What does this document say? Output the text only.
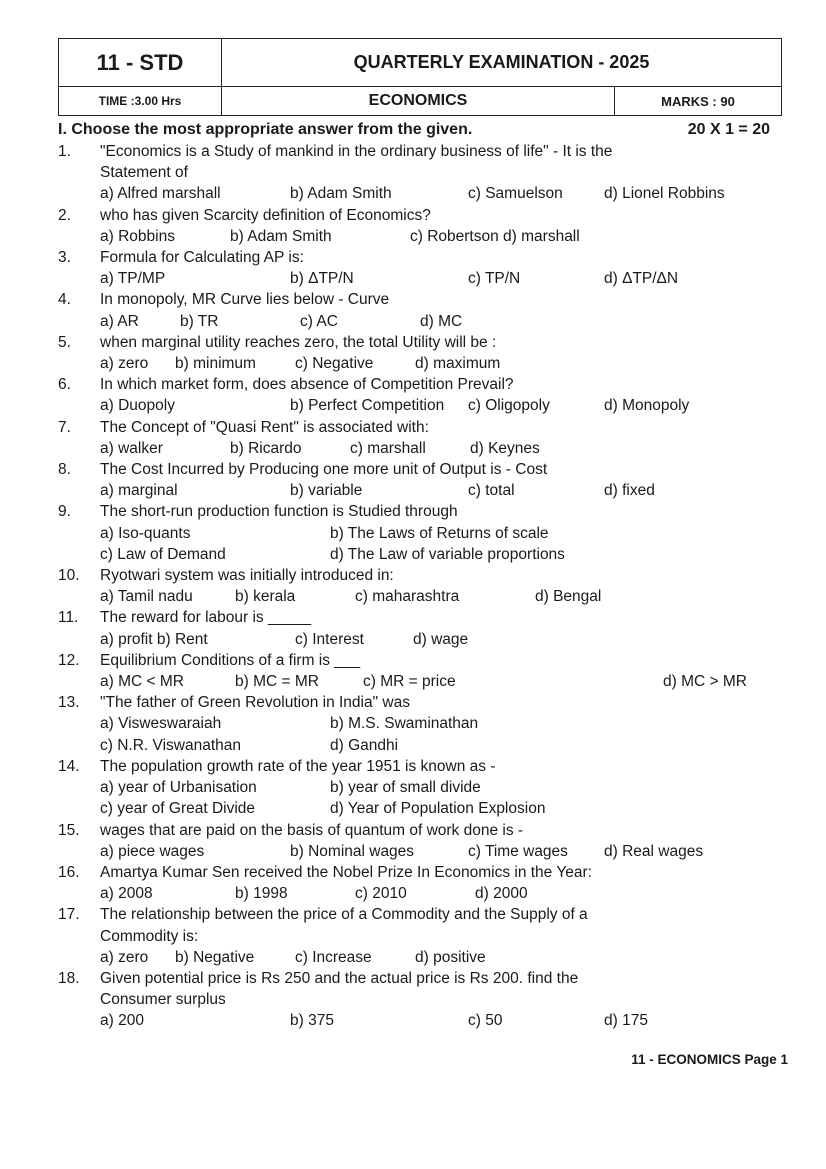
11 - STD	QUARTERLY EXAMINATION - 2025
TIME :3.00 Hrs	ECONOMICS	MARKS : 90
I. Choose the most appropriate answer from the given.	20 X 1 = 20
1.	"Economics is a Study of mankind in the ordinary business of life" - It is the
Statement of
a) Alfred marshall	b) Adam Smith	c) Samuelson	d) Lionel Robbins
2.	who has given Scarcity definition of Economics?
a) Robbins	b) Adam Smith	c) Robertson d) marshall
3.	Formula for Calculating AP is:
a) TP/MP	b) ΔTP/N	c) TP/N	d) ΔTP/ΔN
4.	In monopoly, MR Curve lies below - Curve
a) AR	b) TR	c) AC	d) MC
5.	when marginal utility reaches zero, the total Utility will be :
a) zero	b) minimum	c) Negative	d) maximum
6.	In which market form, does absence of Competition Prevail?
a) Duopoly	b) Perfect Competition	c) Oligopoly	d) Monopoly
7.	The Concept of "Quasi Rent" is associated with:
a) walker	b) Ricardo	c) marshall	d) Keynes
8.	The Cost Incurred by Producing one more unit of Output is - Cost
a) marginal	b) variable	c) total	d) fixed
9.	The short-run production function is Studied through
a) Iso-quants	b) The Laws of Returns of scale
c) Law of Demand	d) The Law of variable proportions
10.	Ryotwari system was initially introduced in:
a) Tamil nadu	b) kerala	c) maharashtra	d) Bengal
11.	The reward for labour is _____
a) profit b) Rent	c) Interest	d) wage
12.	Equilibrium Conditions of a firm is ___
a) MC < MR	b) MC = MR	c) MR = price	d) MC > MR
13.	"The father of Green Revolution in India" was
a) Visweswaraiah	b) M.S. Swaminathan
c) N.R. Viswanathan	d) Gandhi
14.	The population growth rate of the year 1951 is known as -
a) year of Urbanisation	b) year of small divide
c) year of Great Divide	d) Year of Population Explosion
15.	wages that are paid on the basis of quantum of work done is -
a) piece wages	b) Nominal wages	c) Time wages	d) Real wages
16.	Amartya Kumar Sen received the Nobel Prize In Economics in the Year:
a) 2008	b) 1998	c) 2010	d) 2000
17.	The relationship between the price of a Commodity and the Supply of a
Commodity is:
a) zero	b) Negative	c) Increase	d) positive
18.	Given potential price is Rs 250 and the actual price is Rs 200. find the
Consumer surplus
a) 200	b) 375	c) 50	d) 175
11 - ECONOMICS Page 1
